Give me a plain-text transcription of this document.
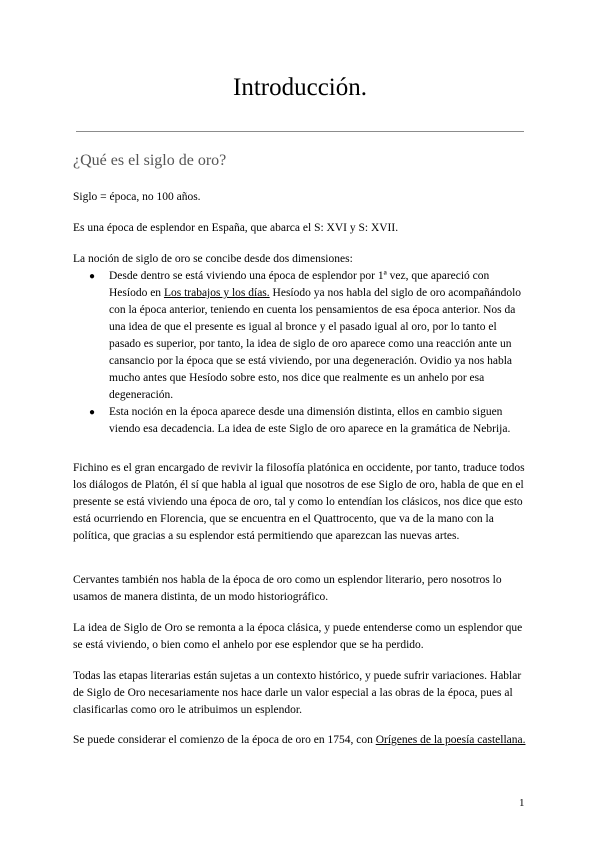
Introducción.
¿Qué es el siglo de oro?

Siglo = época, no 100 años.

Es una época de esplendor en España, que abarca el S: XVI y S: XVII.

La noción de siglo de oro se concibe desde dos dimensiones:

● Desde dentro se está viviendo una época de esplendor por 1ª vez, que apareció con Hesíodo en Los trabajos y los días. Hesíodo ya nos habla del siglo de oro acompañándolo con la época anterior, teniendo en cuenta los pensamientos de esa época anterior. Nos da una idea de que el presente es igual al bronce y el pasado igual al oro, por lo tanto el pasado es superior, por tanto, la idea de siglo de oro aparece como una reacción ante un cansancio por la época que se está viviendo, por una degeneración. Ovidio ya nos habla mucho antes que Hesíodo sobre esto, nos dice que realmente es un anhelo por esa degeneración.
● Esta noción en la época aparece desde una dimensión distinta, ellos en cambio siguen viendo esa decadencia. La idea de este Siglo de oro aparece en la gramática de Nebrija.

Fichino es el gran encargado de revivir la filosofía platónica en occidente, por tanto, traduce todos los diálogos de Platón, él sí que habla al igual que nosotros de ese Siglo de oro, habla de que en el presente se está viviendo una época de oro, tal y como lo entendían los clásicos, nos dice que esto está ocurriendo en Florencia, que se encuentra en el Quattrocento, que va de la mano con la política, que gracias a su esplendor está permitiendo que aparezcan las nuevas artes.

Cervantes también nos habla de la época de oro como un esplendor literario, pero nosotros lo usamos de manera distinta, de un modo historiográfico.

La idea de Siglo de Oro se remonta a la época clásica, y puede entenderse como un esplendor que se está viviendo, o bien como el anhelo por ese esplendor que se ha perdido.

Todas las etapas literarias están sujetas a un contexto histórico, y puede sufrir variaciones. Hablar de Siglo de Oro necesariamente nos hace darle un valor especial a las obras de la época, pues al clasificarlas como oro le atribuimos un esplendor.

Se puede considerar el comienzo de la época de oro en 1754, con Orígenes de la poesía castellana.

1
